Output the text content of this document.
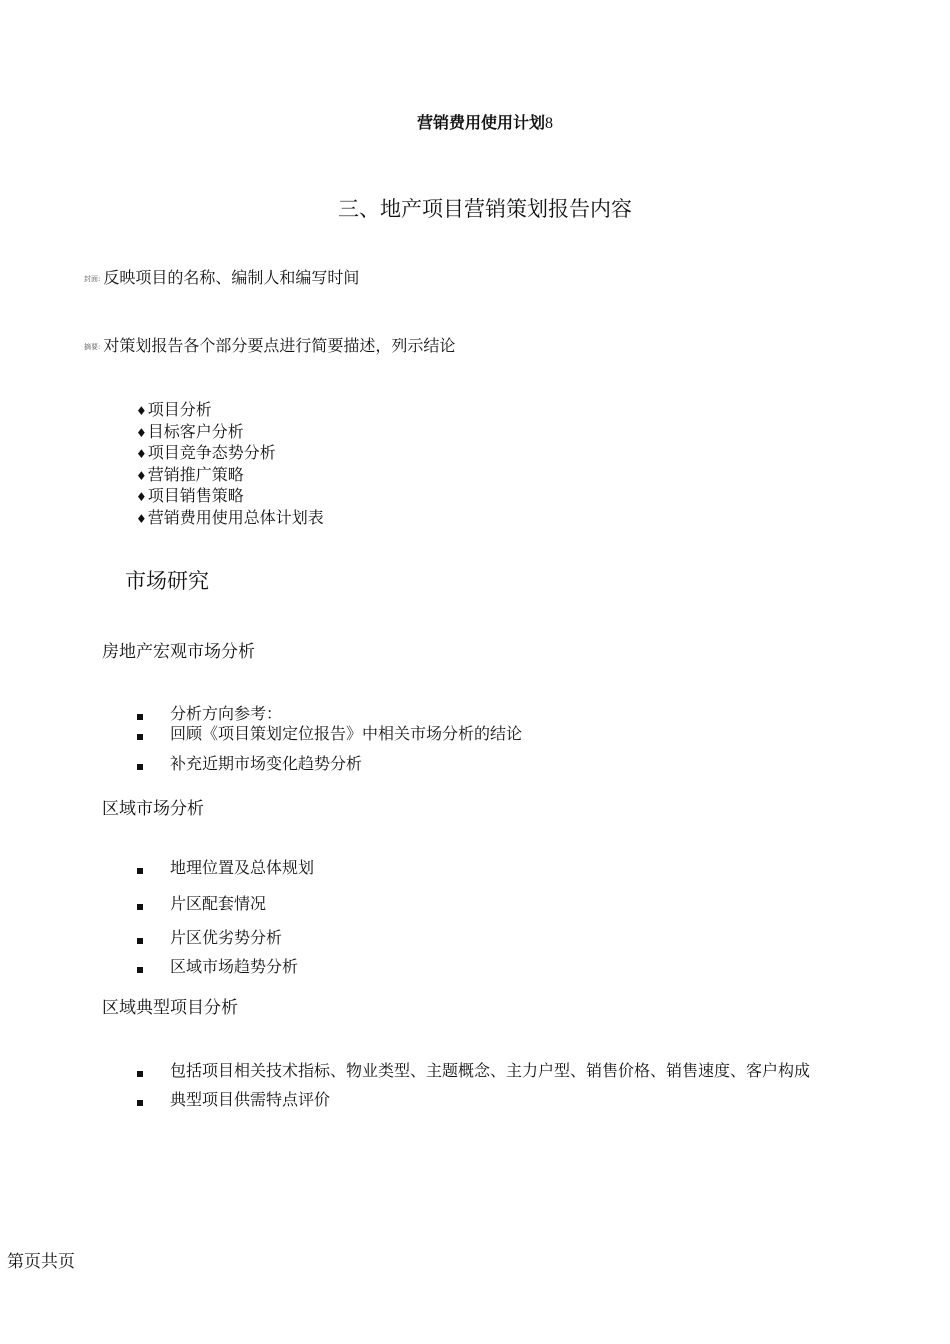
营销费用使用计划8
三、地产项目营销策划报告内容
封面: 反映项目的名称、编制人和编写时间
摘要: 对策划报告各个部分要点进行简要描述，列示结论
♦项目分析
♦目标客户分析
♦项目竞争态势分析
♦营销推广策略
♦项目销售策略
♦营销费用使用总体计划表
市场研究
房地产宏观市场分析
分析方向参考：
回顾《项目策划定位报告》中相关市场分析的结论
补充近期市场变化趋势分析
区域市场分析
地理位置及总体规划
片区配套情况
片区优劣势分析
区域市场趋势分析
区域典型项目分析
包括项目相关技术指标、物业类型、主题概念、主力户型、销售价格、销售速度、客户构成
典型项目供需特点评价
第页共页
